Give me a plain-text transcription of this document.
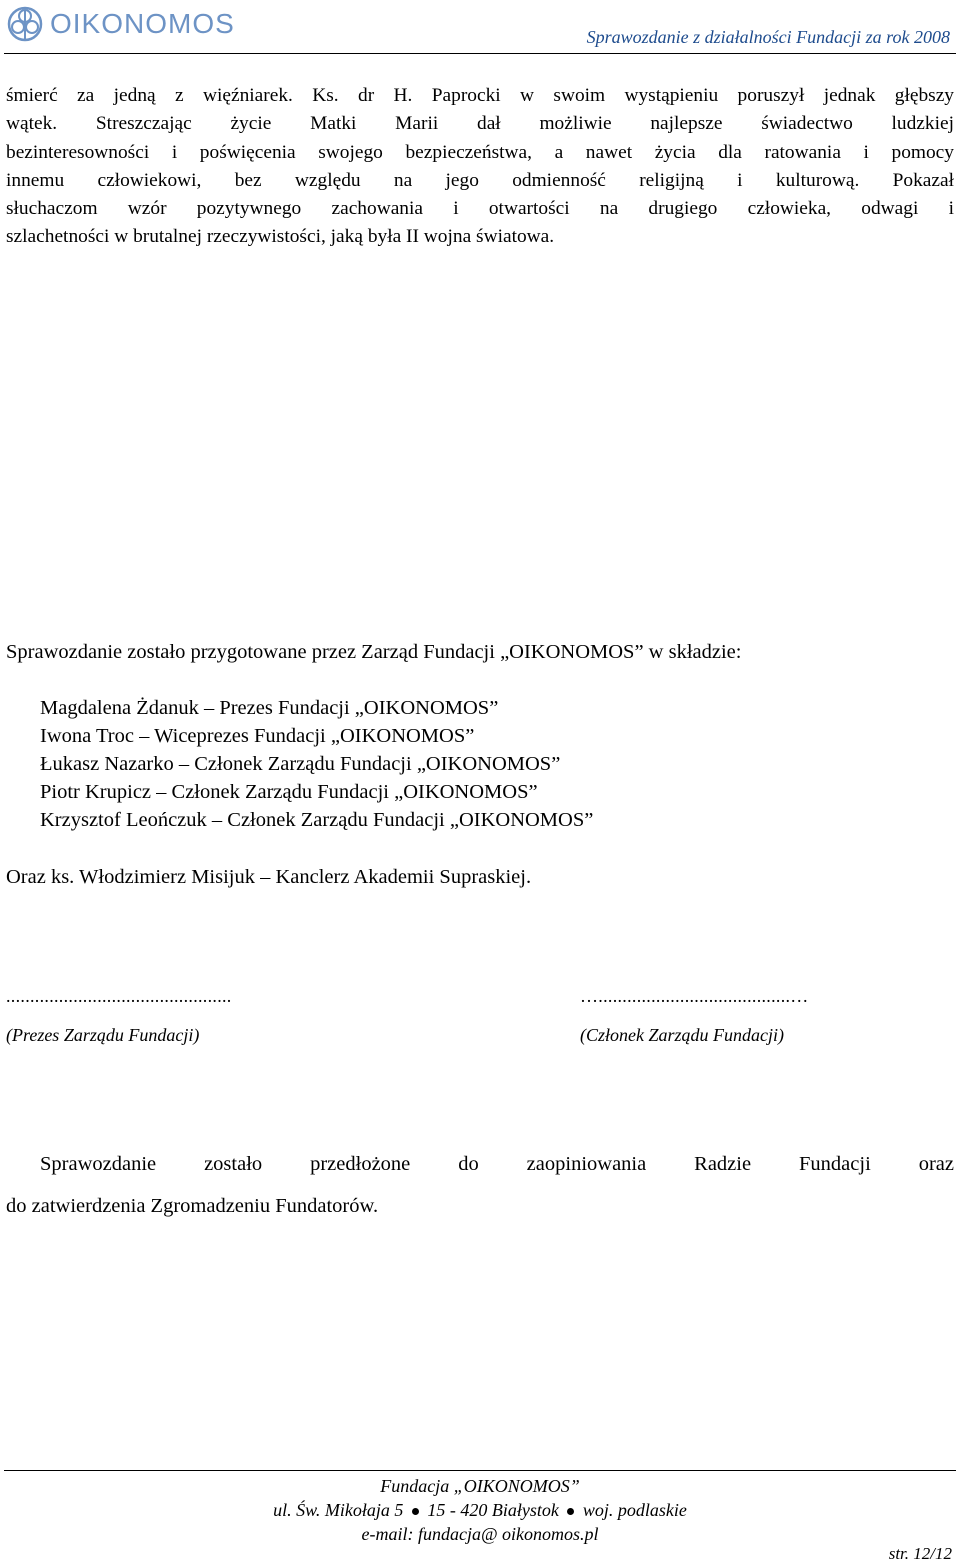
OIKONOMOS	Sprawozdanie z działalności Fundacji za rok 2008
śmierć za jedną z więźniarek. Ks. dr H. Paprocki w swoim wystąpieniu poruszył jednak głębszy
wątek. Streszczając życie Matki Marii dał możliwie najlepsze świadectwo ludzkiej
bezinteresowności i poświęcenia swojego bezpieczeństwa, a nawet życia dla ratowania i pomocy
innemu człowiekowi, bez względu na jego odmienność religijną i kulturową. Pokazał
słuchaczom wzór pozytywnego zachowania i otwartości na drugiego człowieka, odwagi i
szlachetności w brutalnej rzeczywistości, jaką była II wojna światowa.
Sprawozdanie zostało przygotowane przez Zarząd Fundacji „OIKONOMOS” w składzie:
Magdalena Żdanuk – Prezes Fundacji „OIKONOMOS”
Iwona Troc – Wiceprezes Fundacji „OIKONOMOS”
Łukasz Nazarko – Członek Zarządu Fundacji „OIKONOMOS”
Piotr Krupicz – Członek Zarządu Fundacji „OIKONOMOS”
Krzysztof Leończuk – Członek Zarządu Fundacji „OIKONOMOS”
Oraz ks. Włodzimierz Misijuk – Kanclerz Akademii Supraskiej.
...............................................
(Prezes Zarządu Fundacji)
…........................................…
(Członek Zarządu Fundacji)
Sprawozdanie zostało przedłożone do zaopiniowania Radzie Fundacji oraz
do zatwierdzenia Zgromadzeniu Fundatorów.
Fundacja „OIKONOMOS”
ul. Św. Mikołaja 5 15 - 420 Białystok woj. podlaskie
e-mail: fundacja@ oikonomos.pl
str. 12/12
